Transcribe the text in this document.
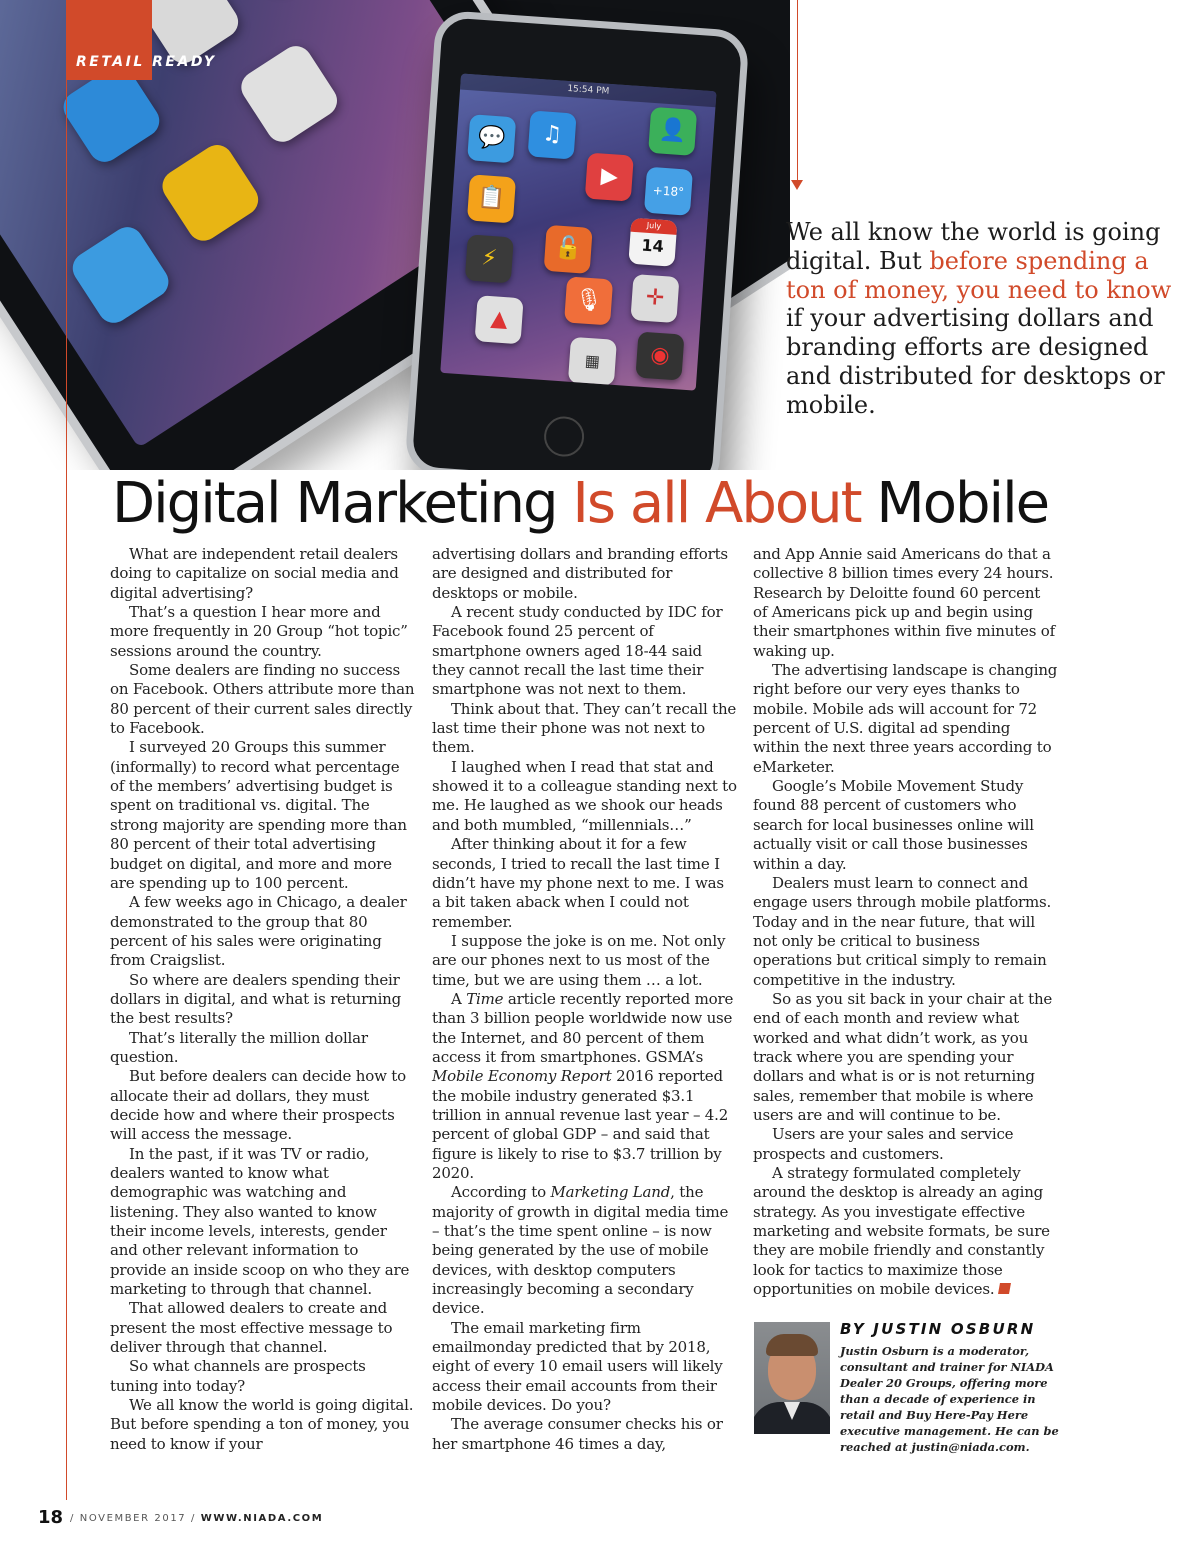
15:54 PM
💬	♫	👤
▶
+18°
📋
July
14
⚡	🔓
✛
▲
🎙
▦	◉
RETAIL READY
We all know the world is going digital. But before spending a ton of money, you need to know if your advertising dollars and branding efforts are designed and distributed for desktops or mobile.
Digital Marketing Is all About Mobile

What are independent retail dealers doing to capitalize on social media and digital advertising?

That’s a question I hear more and more frequently in 20 Group “hot topic” sessions around the country.

Some dealers are finding no success on Facebook. Others attribute more than 80 percent of their current sales directly to Facebook.

I surveyed 20 Groups this summer (informally) to record what percentage of the members’ advertising budget is spent on traditional vs. digital. The strong majority are spending more than 80 percent of their total advertising budget on digital, and more and more are spending up to 100 percent.

A few weeks ago in Chicago, a dealer demonstrated to the group that 80 percent of his sales were originating from Craigslist.

So where are dealers spending their dollars in digital, and what is returning the best results?

That’s literally the million dollar question.

But before dealers can decide how to allocate their ad dollars, they must decide how and where their prospects will access the message.

In the past, if it was TV or radio, dealers wanted to know what demographic was watching and listening. They also wanted to know their income levels, interests, gender and other relevant information to provide an inside scoop on who they are marketing to through that channel.

That allowed dealers to create and present the most effective message to deliver through that channel.

So what channels are prospects tuning into today?

We all know the world is going digital. But before spending a ton of money, you need to know if your

advertising dollars and branding efforts are designed and distributed for desktops or mobile.

A recent study conducted by IDC for Facebook found 25 percent of smartphone owners aged 18-44 said they cannot recall the last time their smartphone was not next to them.

Think about that. They can’t recall the last time their phone was not next to them.

I laughed when I read that stat and showed it to a colleague standing next to me. He laughed as we shook our heads and both mumbled, “millennials…”

After thinking about it for a few seconds, I tried to recall the last time I didn’t have my phone next to me. I was a bit taken aback when I could not remember.

I suppose the joke is on me. Not only are our phones next to us most of the time, but we are using them … a lot.

A Time article recently reported more than 3 billion people worldwide now use the Internet, and 80 percent of them access it from smartphones. GSMA’s Mobile Economy Report 2016 reported the mobile industry generated $3.1 trillion in annual revenue last year – 4.2 percent of global GDP – and said that figure is likely to rise to $3.7 trillion by 2020.

According to Marketing Land, the majority of growth in digital media time – that’s the time spent online – is now being generated by the use of mobile devices, with desktop computers increasingly becoming a secondary device.

The email marketing firm emailmonday predicted that by 2018, eight of every 10 email users will likely access their email accounts from their mobile devices. Do you?

The average consumer checks his or her smartphone 46 times a day,

and App Annie said Americans do that a collective 8 billion times every 24 hours. Research by Deloitte found 60 percent of Americans pick up and begin using their smartphones within five minutes of waking up.

The advertising landscape is changing right before our very eyes thanks to mobile. Mobile ads will account for 72 percent of U.S. digital ad spending within the next three years according to eMarketer.

Google’s Mobile Movement Study found 88 percent of customers who search for local businesses online will actually visit or call those businesses within a day.

Dealers must learn to connect and engage users through mobile platforms. Today and in the near future, that will not only be critical to business operations but critical simply to remain competitive in the industry.

So as you sit back in your chair at the end of each month and review what worked and what didn’t work, as you track where you are spending your dollars and what is or is not returning sales, remember that mobile is where users are and will continue to be.

Users are your sales and service prospects and customers.

A strategy formulated completely around the desktop is already an aging strategy. As you investigate effective marketing and website formats, be sure they are mobile friendly and constantly look for tactics to maximize those opportunities on mobile devices.

BY JUSTIN OSBURN
Justin Osburn is a moderator, consultant and trainer for NIADA Dealer 20 Groups, offering more than a decade of experience in retail and Buy Here-Pay Here executive management. He can be reached at justin@niada.com.
18 / NOVEMBER 2017 / WWW.NIADA.COM
